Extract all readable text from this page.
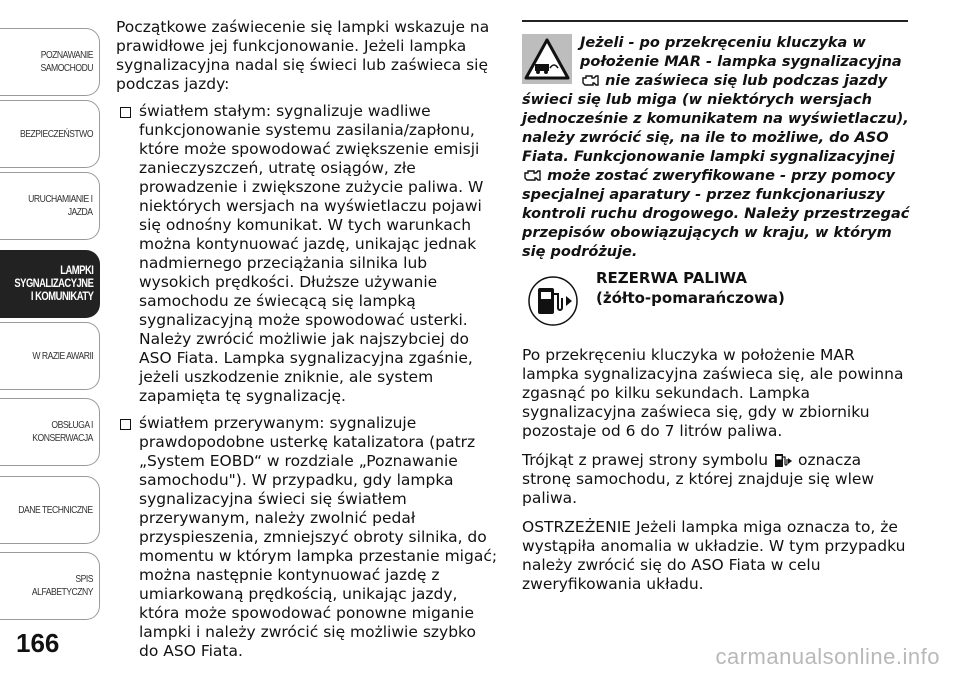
POZNAWANIE
SAMOCHODU
BEZPIECZEŃSTWO
URUCHAMIANIE I
JAZDA
LAMPKI
SYGNALIZACYJNE
I KOMUNIKATY
W RAZIE AWARII
OBSŁUGA I
KONSERWACJA
DANE TECHNICZNE
SPIS ALFABETYCZNY
166

Początkowe zaświecenie się lampki wskazuje na prawidłowe jej funkcjonowanie. Jeżeli lampka sygnalizacyjna nadal się świeci lub zaświeca się podczas jazdy:

światłem stałym: sygnalizuje wadliwe funkcjonowanie systemu zasilania/zapłonu, które może spowodować zwiększenie emisji zanieczyszczeń, utratę osiągów, złe prowadzenie i zwiększone zużycie paliwa. W niektórych wersjach na wyświetlaczu pojawi się odnośny komunikat. W tych warunkach można kontynuować jazdę, unikając jednak nadmiernego przeciążania silnika lub wysokich prędkości. Dłuższe używanie samochodu ze świecącą się lampką sygnalizacyjną może spowodować usterki. Należy zwrócić możliwie jak najszybciej do ASO Fiata. Lampka sygnalizacyjna zgaśnie, jeżeli uszkodzenie zniknie, ale system zapamięta tę sygnalizację.
światłem przerywanym: sygnalizuje prawdopodobne usterkę katalizatora (patrz „System EOBD“ w rozdziale „Poznawanie samochodu"). W przypadku, gdy lampka sygnalizacyjna świeci się światłem przerywanym, należy zwolnić pedał przyspieszenia, zmniejszyć obroty silnika, do momentu w którym lampka przestanie migać; można następnie kontynuować jazdę z umiarkowaną prędkością, unikając jazdy, która może spowodować ponowne miganie lampki i należy zwrócić się możliwie szybko do ASO Fiata.
Jeżeli - po przekręceniu kluczyka w położenie MAR - lampka sygnalizacyjna  nie zaświeca się lub podczas jazdy świeci się lub miga (w niektórych wersjach jednocześnie z komunikatem na wyświetlaczu), należy zwrócić się, na ile to możliwe, do ASO Fiata. Funkcjonowanie lampki sygnalizacyjnej  może zostać zweryfikowane - przy pomocy specjalnej aparatury - przez funkcjonariuszy kontroli ruchu drogowego. Należy przestrzegać przepisów obowiązujących w kraju, w którym się podróżuje.
REZERWA PALIWA
(żółto-pomarańczowa)

Po przekręceniu kluczyka w położenie MAR lampka sygnalizacyjna zaświeca się, ale powinna zgasnąć po kilku sekundach. Lampka sygnalizacyjna zaświeca się, gdy w zbiorniku pozostaje od 6 do 7 litrów paliwa.

Trójkąt z prawej strony symbolu oznacza stronę samochodu, z której znajduje się wlew paliwa.

OSTRZEŻENIE Jeżeli lampka miga oznacza to, że wystąpiła anomalia w układzie. W tym przypadku należy zwrócić się do ASO Fiata w celu zweryfikowania układu.

carmanualsonline.info
